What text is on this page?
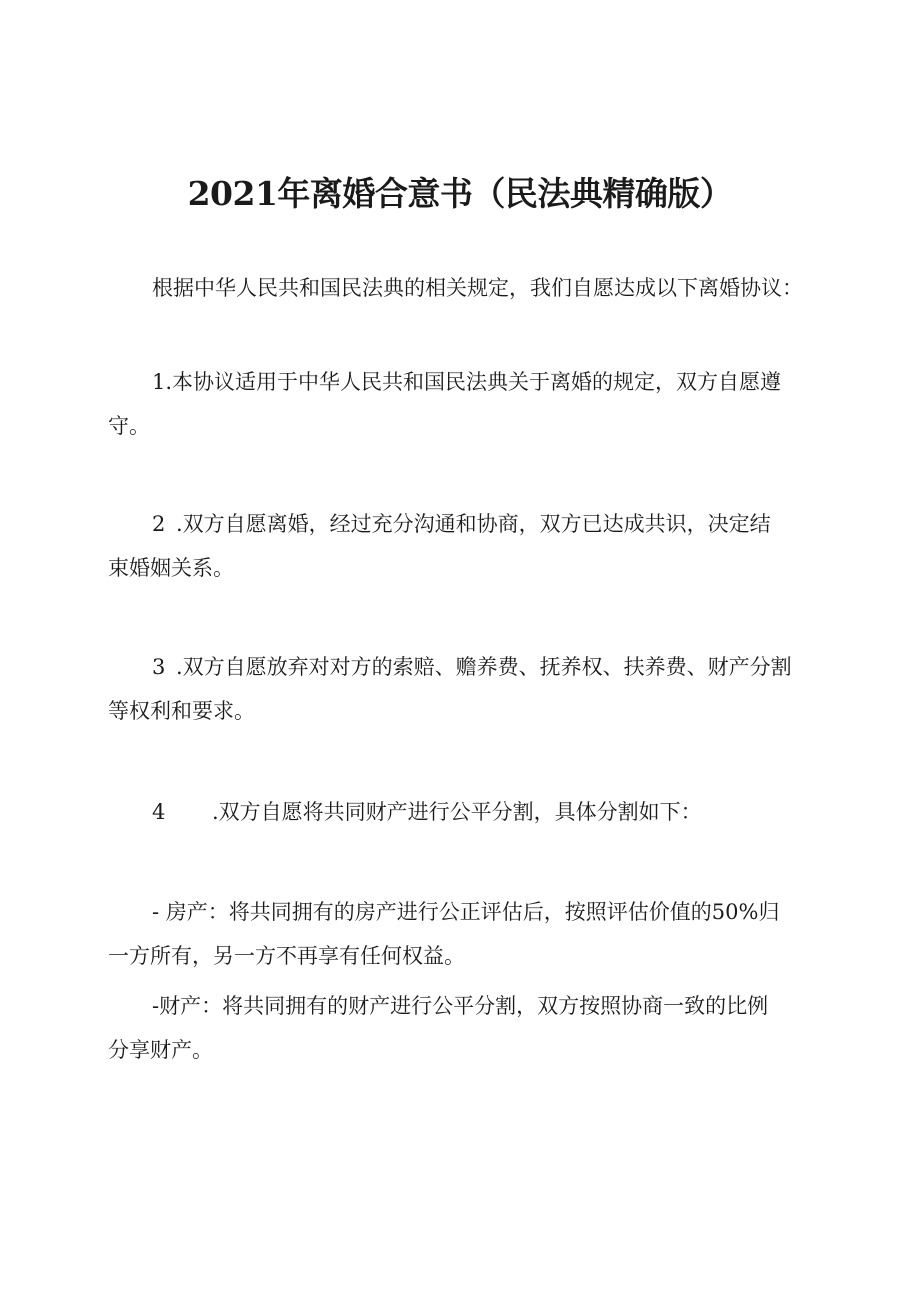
2021年离婚合意书（民法典精确版）

根据中华人民共和国民法典的相关规定，我们自愿达成以下离婚协议：

1.本协议适用于中华人民共和国民法典关于离婚的规定，双方自愿遵
守。

2 .双方自愿离婚，经过充分沟通和协商，双方已达成共识，决定结
束婚姻关系。

3 .双方自愿放弃对对方的索赔、赡养费、抚养权、扶养费、财产分割
等权利和要求。

4 .双方自愿将共同财产进行公平分割，具体分割如下：

- 房产：将共同拥有的房产进行公正评估后，按照评估价值的50%归
一方所有，另一方不再享有任何权益。

-财产：将共同拥有的财产进行公平分割，双方按照协商一致的比例
分享财产。
